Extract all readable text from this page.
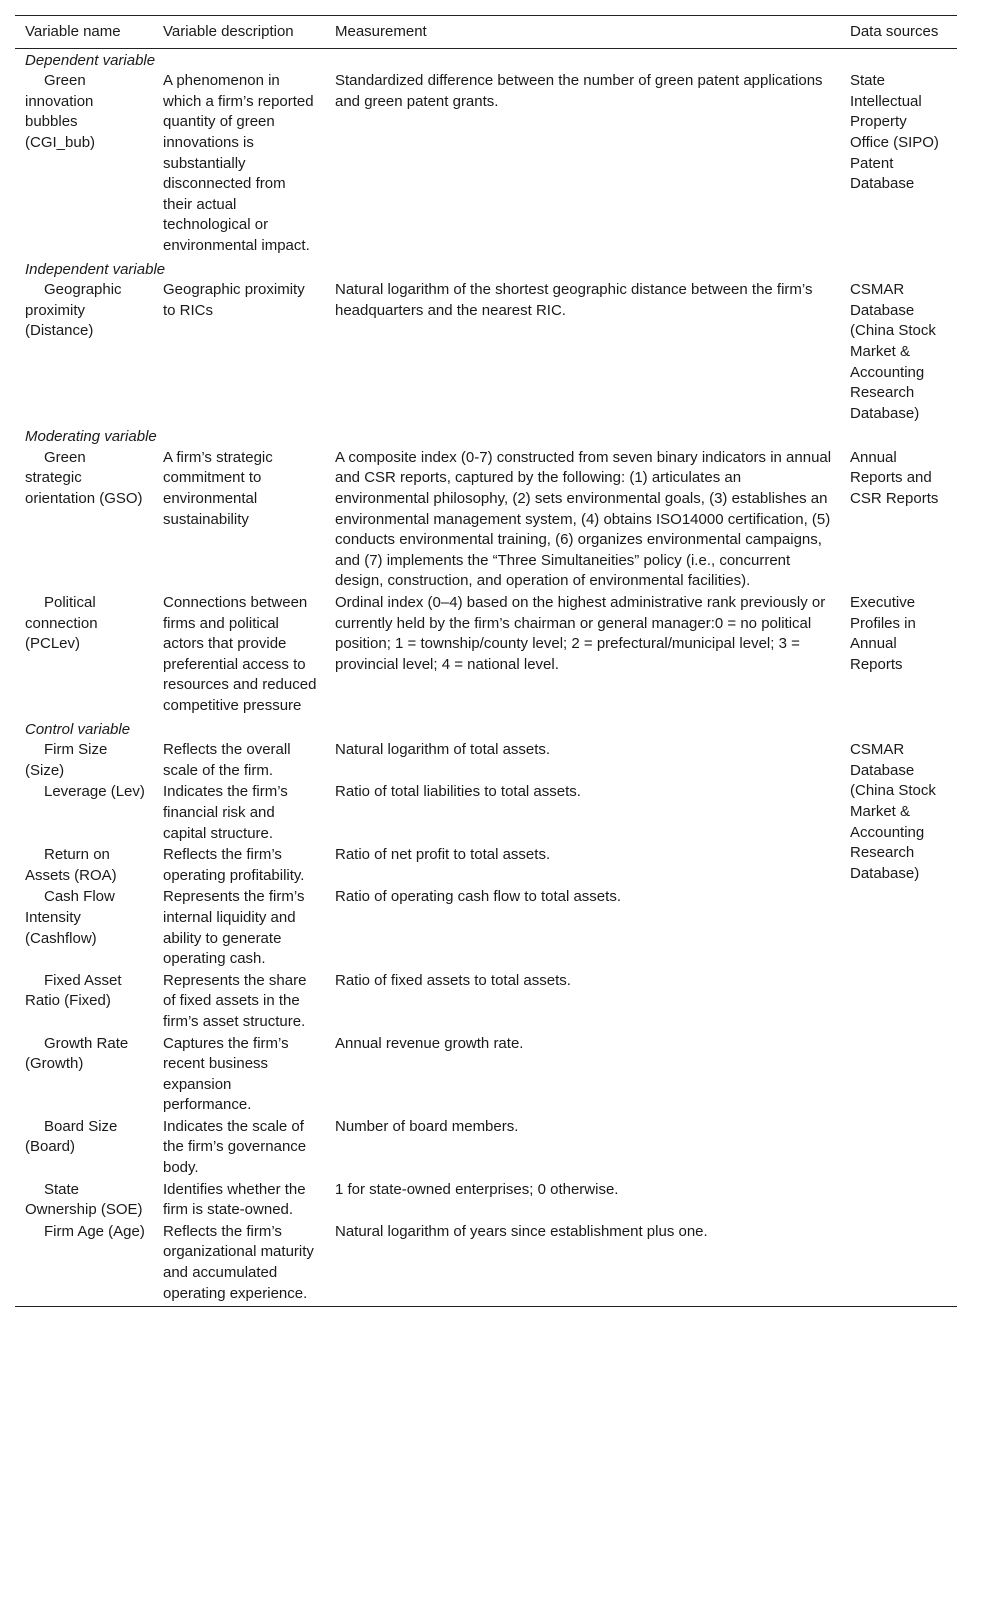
Variable name	Variable description	Measurement	Data sources
Dependent variable			
Green innovation bubbles (CGI_bub)	A phenomenon in which a firm’s reported quantity of green innovations is substantially disconnected from their actual technological or environmental impact.	Standardized difference between the number of green patent applications and green patent grants.	State Intellectual Property Office (SIPO) Patent Database
Independent variable			
Geographic proximity (Distance)	Geographic proximity to RICs	Natural logarithm of the shortest geographic distance between the firm’s headquarters and the nearest RIC.	CSMAR Database (China Stock Market & Accounting Research Database)
Moderating variable			
Green strategic orientation (GSO)	A firm’s strategic commitment to environmental sustainability	A composite index (0-7) constructed from seven binary indicators in annual and CSR reports, captured by the following: (1) articulates an environmental philosophy, (2) sets environmental goals, (3) establishes an environmental management system, (4) obtains ISO14000 certification, (5) conducts environmental training, (6) organizes environmental campaigns, and (7) implements the “Three Simultaneities” policy (i.e., concurrent design, construction, and operation of environmental facilities).	Annual Reports and CSR Reports
Political connection (PCLev)	Connections between firms and political actors that provide preferential access to resources and reduced competitive pressure	Ordinal index (0–4) based on the highest administrative rank previously or currently held by the firm’s chairman or general manager:0 = no political position; 1 = township/county level; 2 = prefectural/municipal level; 3 = provincial level; 4 = national level.	Executive Profiles in Annual Reports
Control variable			
Firm Size (Size)	Reflects the overall scale of the firm.	Natural logarithm of total assets.	CSMAR Database (China Stock Market & Accounting Research Database)
Leverage (Lev)	Indicates the firm’s financial risk and capital structure.	Ratio of total liabilities to total assets.	
Return on Assets (ROA)	Reflects the firm’s operating profitability.	Ratio of net profit to total assets.	
Cash Flow Intensity (Cashflow)	Represents the firm’s internal liquidity and ability to generate operating cash.	Ratio of operating cash flow to total assets.	
Fixed Asset Ratio (Fixed)	Represents the share of fixed assets in the firm’s asset structure.	Ratio of fixed assets to total assets.	
Growth Rate (Growth)	Captures the firm’s recent business expansion performance.	Annual revenue growth rate.	
Board Size (Board)	Indicates the scale of the firm’s governance body.	Number of board members.	
State Ownership (SOE)	Identifies whether the firm is state-owned.	1 for state-owned enterprises; 0 otherwise.	
Firm Age (Age)	Reflects the firm’s organizational maturity and accumulated operating experience.	Natural logarithm of years since establishment plus one.	
